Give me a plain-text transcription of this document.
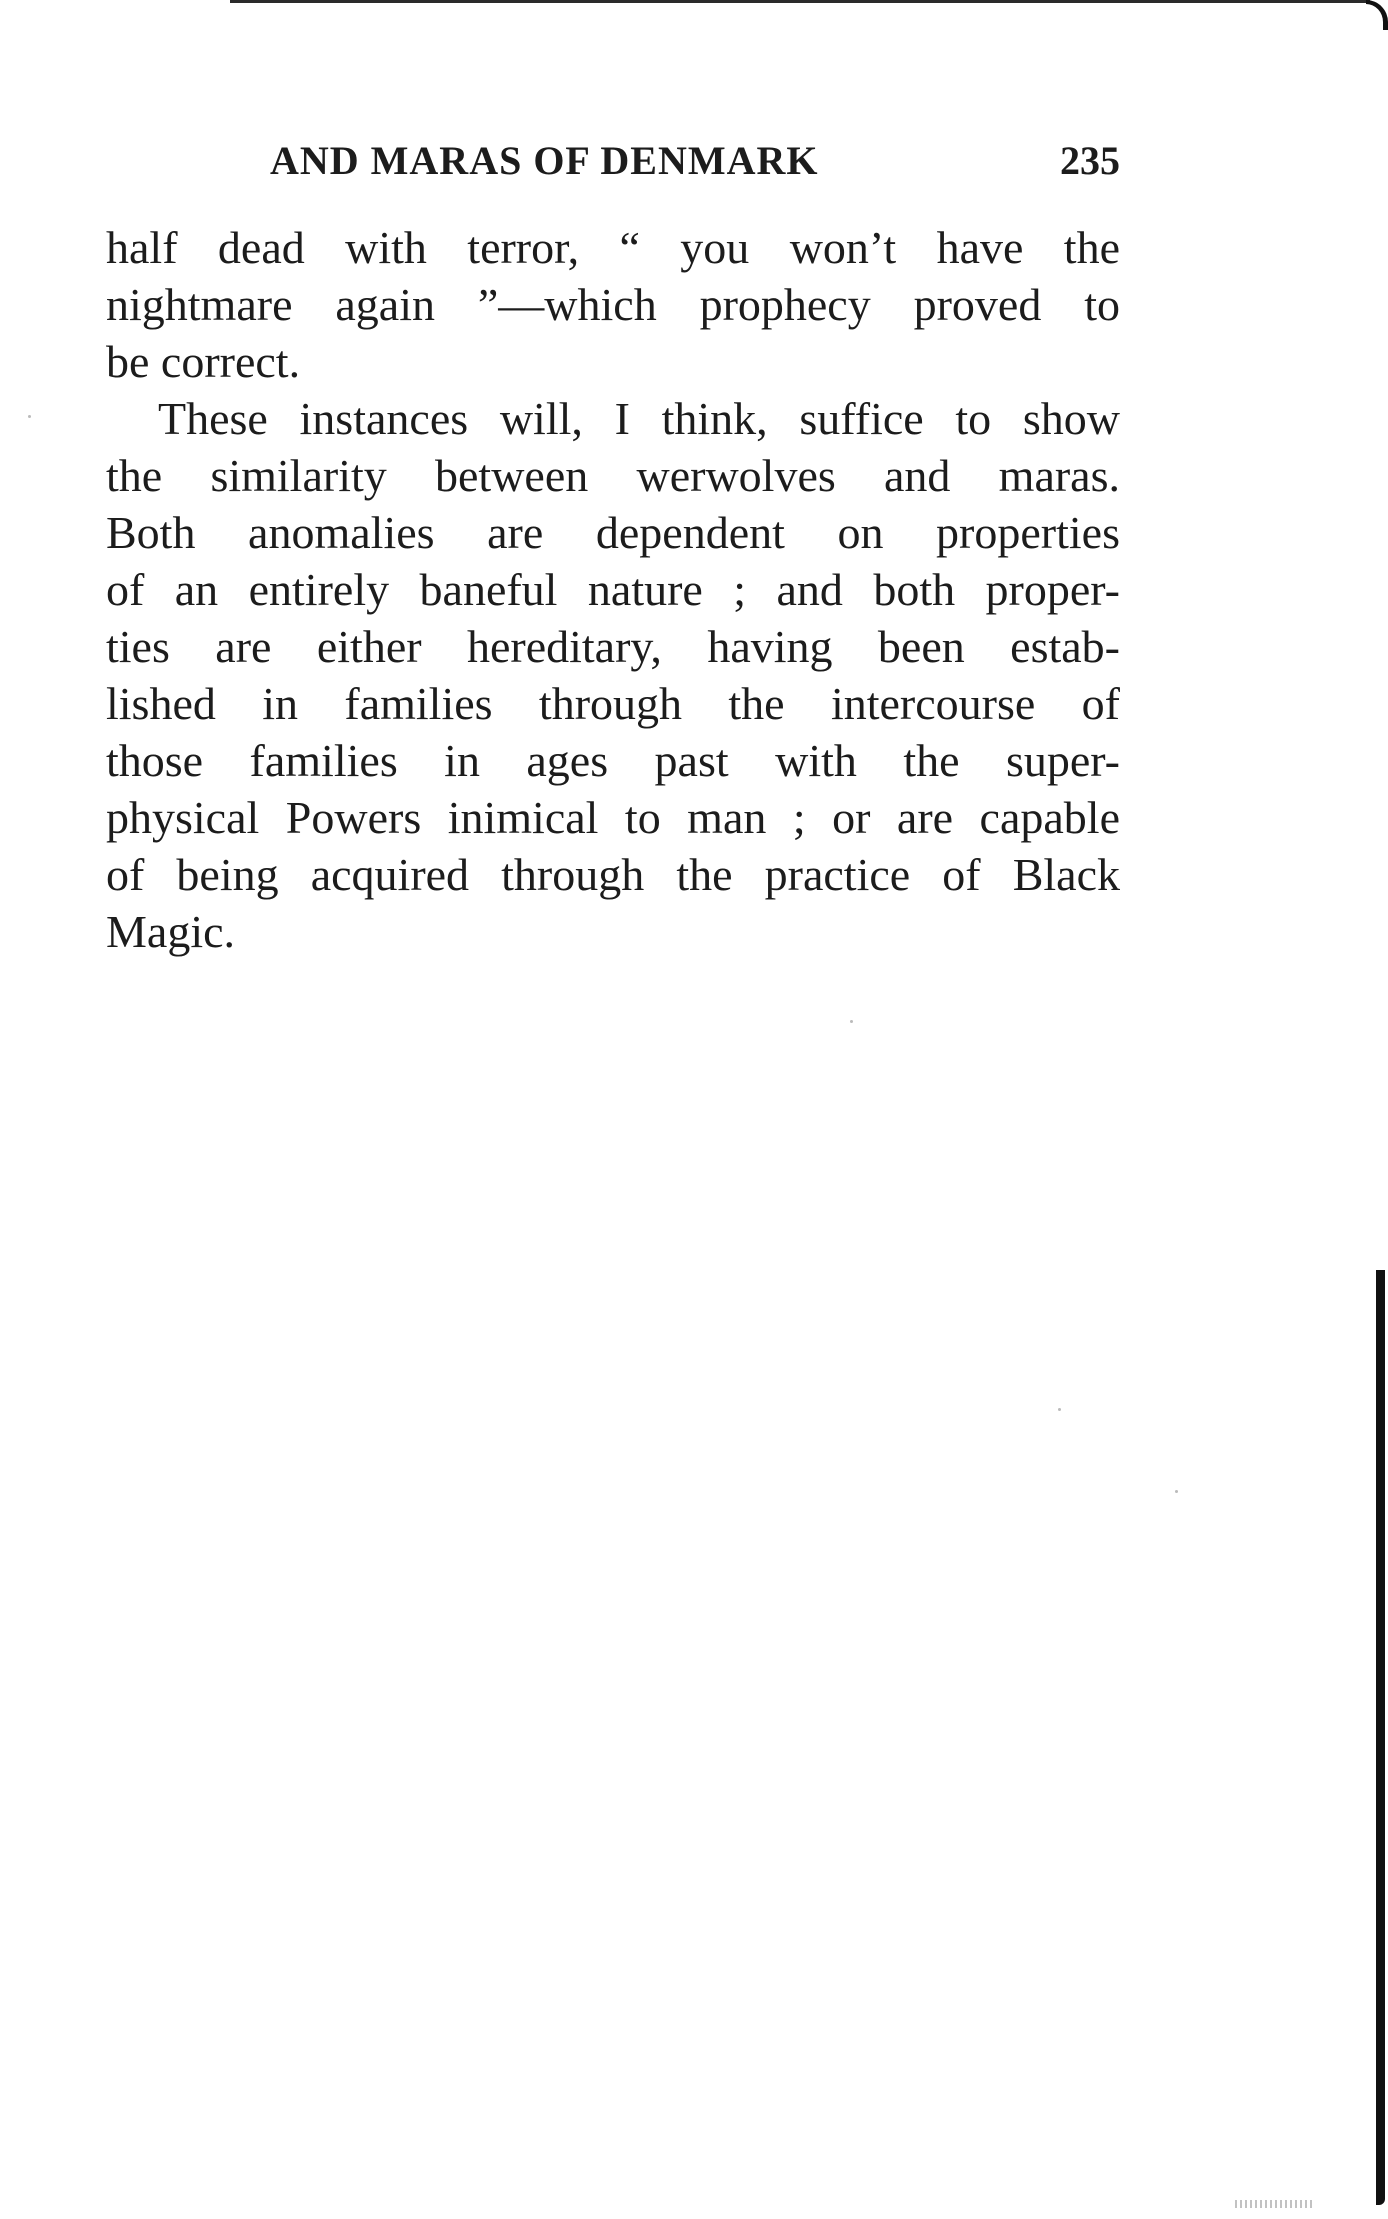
AND MARAS OF DENMARK	235

half dead with terror, “ you won’t have the
nightmare again ”—which prophecy proved to
be correct.

These instances will, I think, suffice to show
the similarity between werwolves and maras.
Both anomalies are dependent on properties
of an entirely baneful nature ; and both proper-
ties are either hereditary, having been estab-
lished in families through the intercourse of
those families in ages past with the super-
physical Powers inimical to man ; or are capable
of being acquired through the practice of Black
Magic.
